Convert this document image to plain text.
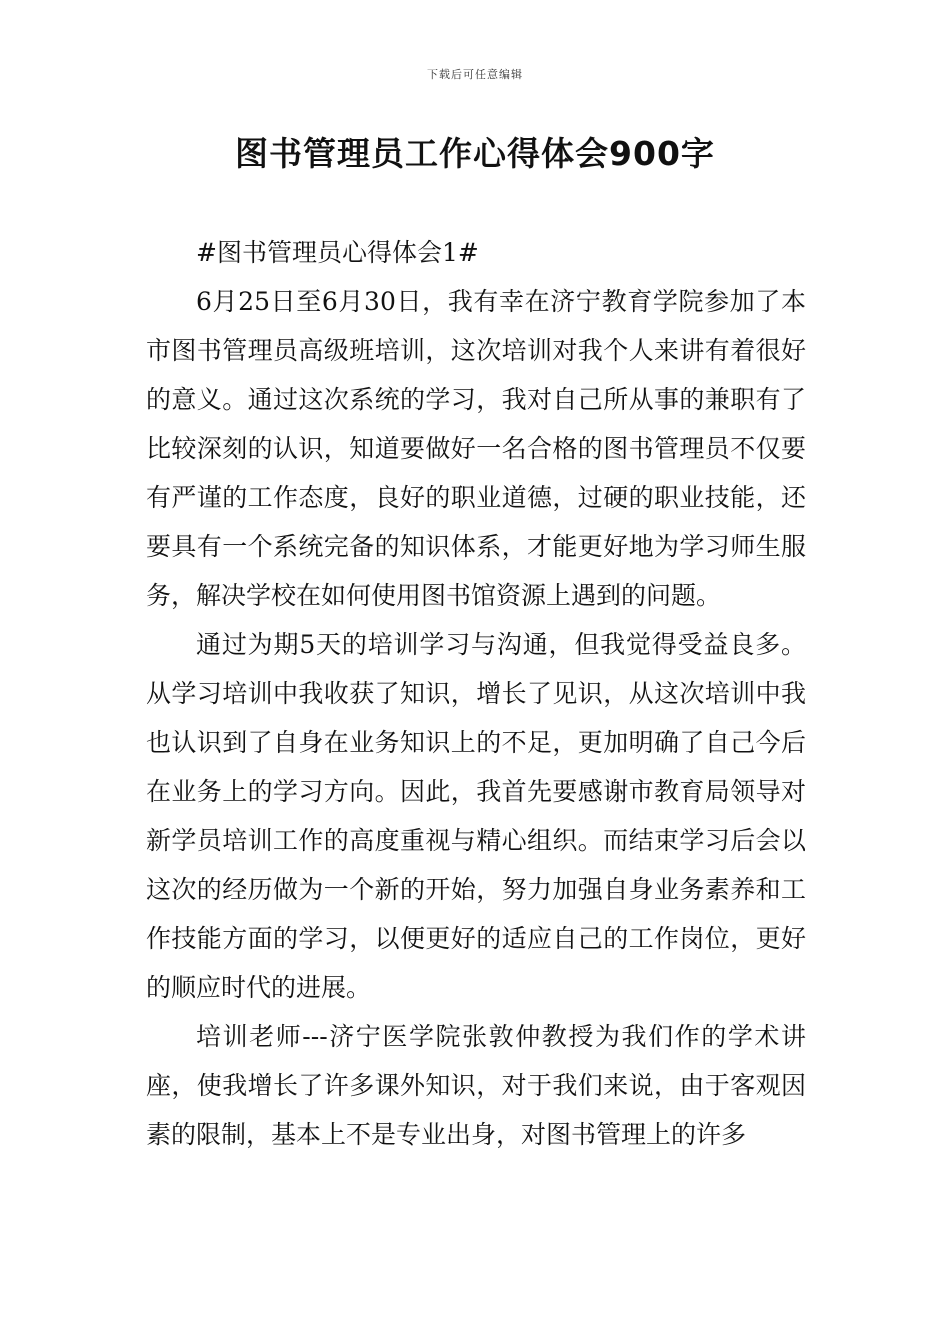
下载后可任意编辑
图书管理员工作心得体会900字

#图书管理员心得体会1#

6月25日至6月30日，我有幸在济宁教育学院参加了本市图书管理员高级班培训，这次培训对我个人来讲有着很好的意义。通过这次系统的学习，我对自己所从事的兼职有了比较深刻的认识，知道要做好一名合格的图书管理员不仅要有严谨的工作态度，良好的职业道德，过硬的职业技能，还要具有一个系统完备的知识体系，才能更好地为学习师生服务，解决学校在如何使用图书馆资源上遇到的问题。

通过为期5天的培训学习与沟通，但我觉得受益良多。从学习培训中我收获了知识，增长了见识，从这次培训中我也认识到了自身在业务知识上的不足，更加明确了自己今后在业务上的学习方向。因此，我首先要感谢市教育局领导对新学员培训工作的高度重视与精心组织。而结束学习后会以这次的经历做为一个新的开始，努力加强自身业务素养和工作技能方面的学习，以便更好的适应自己的工作岗位，更好的顺应时代的进展。

培训老师---济宁医学院张敦仲教授为我们作的学术讲座，使我增长了许多课外知识，对于我们来说，由于客观因素的限制，基本上不是专业出身，对图书管理上的许多
